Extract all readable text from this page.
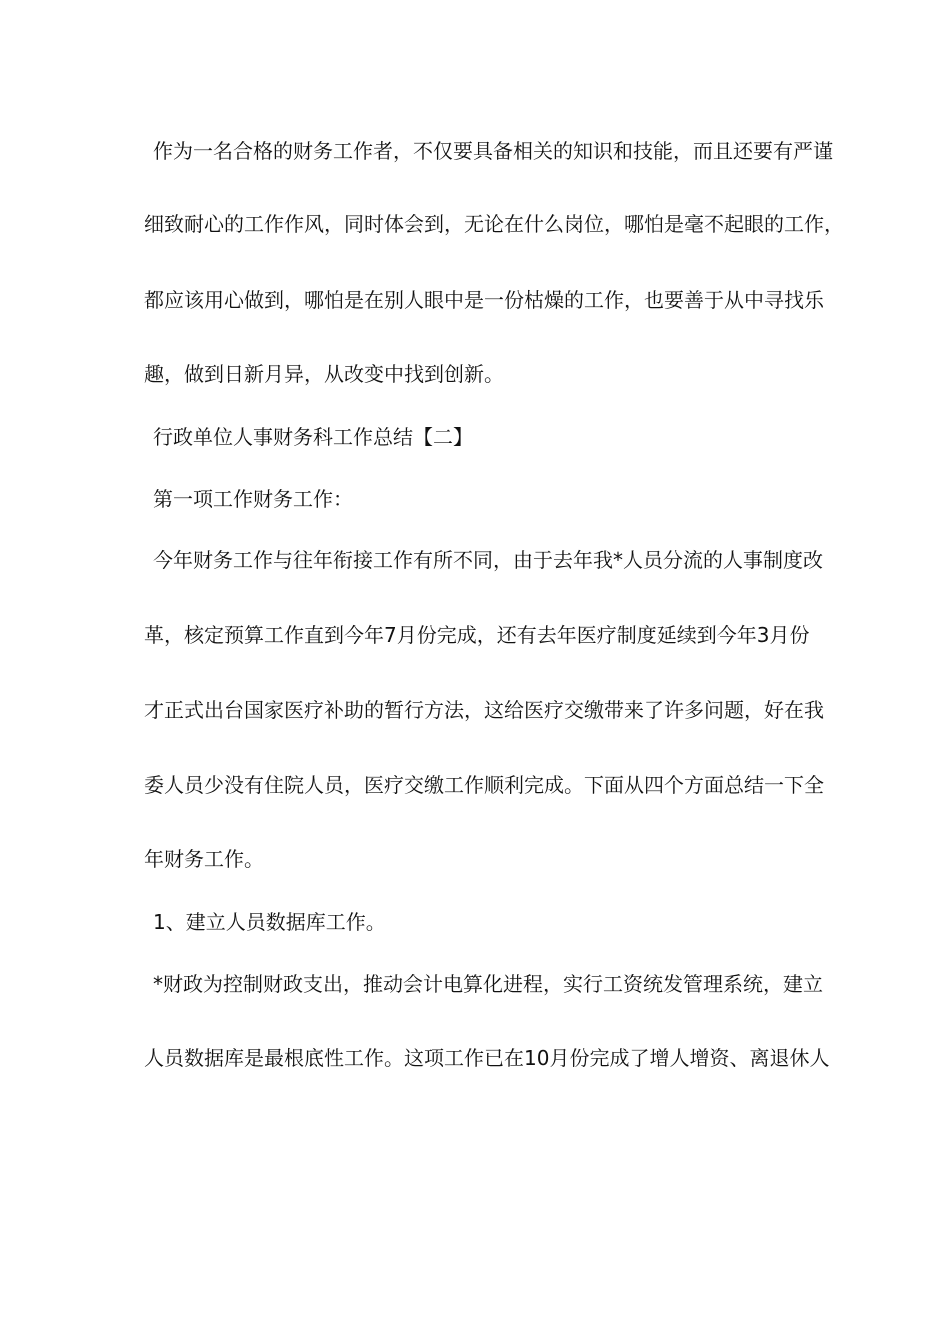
作为一名合格的财务工作者，不仅要具备相关的知识和技能，而且还要有严谨
细致耐心的工作作风，同时体会到，无论在什么岗位，哪怕是毫不起眼的工作，
都应该用心做到，哪怕是在别人眼中是一份枯燥的工作，也要善于从中寻找乐
趣，做到日新月异，从改变中找到创新。
行政单位人事财务科工作总结【二】
第一项工作财务工作：
今年财务工作与往年衔接工作有所不同，由于去年我*人员分流的人事制度改
革，核定预算工作直到今年7月份完成，还有去年医疗制度延续到今年3月份
才正式出台国家医疗补助的暂行方法，这给医疗交缴带来了许多问题，好在我
委人员少没有住院人员，医疗交缴工作顺利完成。下面从四个方面总结一下全
年财务工作。
1、建立人员数据库工作。
*财政为控制财政支出，推动会计电算化进程，实行工资统发管理系统，建立
人员数据库是最根底性工作。这项工作已在10月份完成了增人增资、离退休人
